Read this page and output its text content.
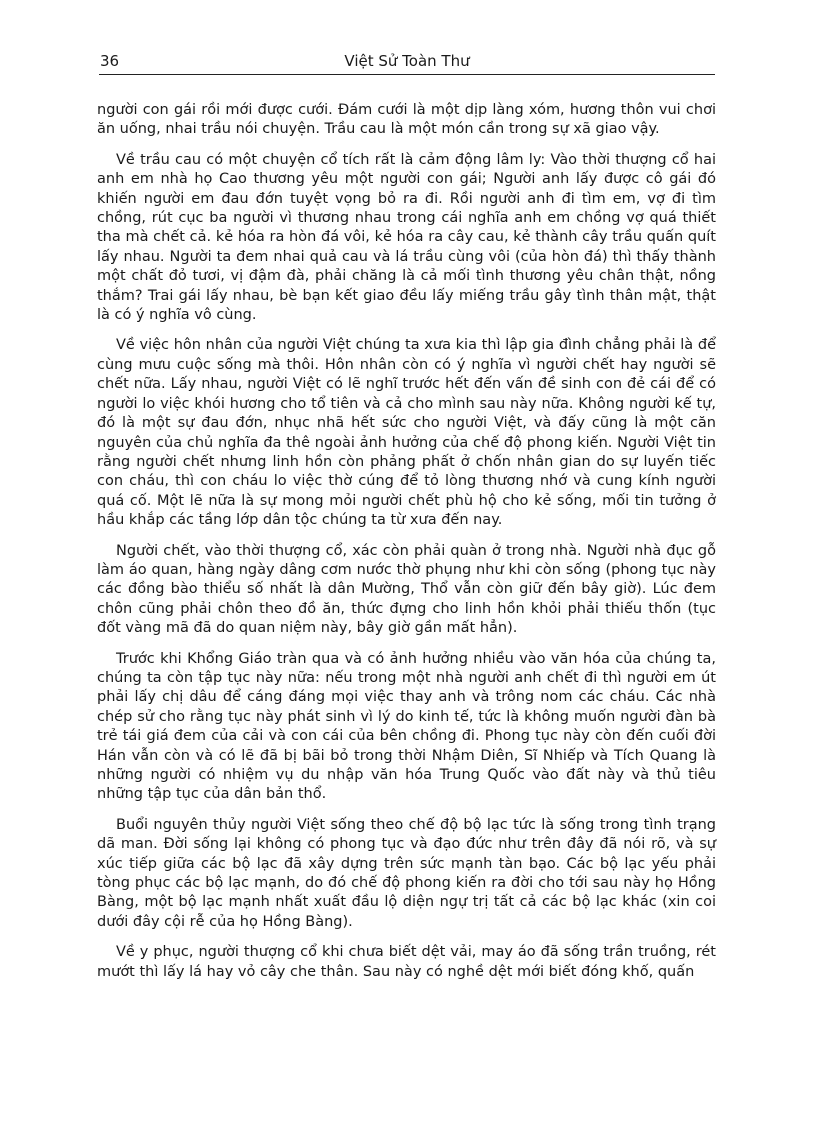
36	Việt Sử Toàn Thư

người con gái rồi mới được cưới. Đám cưới là một dịp làng xóm, hương thôn vui chơi ăn uống, nhai trầu nói chuyện. Trầu cau là một món cần trong sự xã giao vậy.

Về trầu cau có một chuyện cổ tích rất là cảm động lâm ly: Vào thời thượng cổ hai anh em nhà họ Cao thương yêu một người con gái; Người anh lấy được cô gái đó khiến người em đau đớn tuyệt vọng bỏ ra đi. Rồi người anh đi tìm em, vợ đi tìm chồng, rút cục ba người vì thương nhau trong cái nghĩa anh em chồng vợ quá thiết tha mà chết cả. kẻ hóa ra hòn đá vôi, kẻ hóa ra cây cau, kẻ thành cây trầu quấn quít lấy nhau. Người ta đem nhai quả cau và lá trầu cùng vôi (của hòn đá) thì thấy thành một chất đỏ tươi, vị đậm đà, phải chăng là cả mối tình thương yêu chân thật, nồng thắm? Trai gái lấy nhau, bè bạn kết giao đều lấy miếng trầu gây tình thân mật, thật là có ý nghĩa vô cùng.

Về việc hôn nhân của người Việt chúng ta xưa kia thì lập gia đình chẳng phải là để cùng mưu cuộc sống mà thôi. Hôn nhân còn có ý nghĩa vì người chết hay người sẽ chết nữa. Lấy nhau, người Việt có lẽ nghĩ trước hết đến vấn đề sinh con đẻ cái để có người lo việc khói hương cho tổ tiên và cả cho mình sau này nữa. Không người kế tự, đó là một sự đau đớn, nhục nhã hết sức cho người Việt, và đấy cũng là một căn nguyên của chủ nghĩa đa thê ngoài ảnh hưởng của chế độ phong kiến. Người Việt tin rằng người chết nhưng linh hồn còn phảng phất ở chốn nhân gian do sự luyến tiếc con cháu, thì con cháu lo việc thờ cúng để tỏ lòng thương nhớ và cung kính người quá cố. Một lẽ nữa là sự mong mỏi người chết phù hộ cho kẻ sống, mối tin tưởng ở hầu khắp các tầng lớp dân tộc chúng ta từ xưa đến nay.

Người chết, vào thời thượng cổ, xác còn phải quàn ở trong nhà. Người nhà đục gỗ làm áo quan, hàng ngày dâng cơm nước thờ phụng như khi còn sống (phong tục này các đồng bào thiểu số nhất là dân Mường, Thổ vẫn còn giữ đến bây giờ). Lúc đem chôn cũng phải chôn theo đồ ăn, thức đựng cho linh hồn khỏi phải thiếu thốn (tục đốt vàng mã đã do quan niệm này, bây giờ gần mất hẳn).

Trước khi Khổng Giáo tràn qua và có ảnh hưởng nhiều vào văn hóa của chúng ta, chúng ta còn tập tục này nữa: nếu trong một nhà người anh chết đi thì người em út phải lấy chị dâu để cáng đáng mọi việc thay anh và trông nom các cháu. Các nhà chép sử cho rằng tục này phát sinh vì lý do kinh tế, tức là không muốn người đàn bà trẻ tái giá đem của cải và con cái của bên chồng đi. Phong tục này còn đến cuối đời Hán vẫn còn và có lẽ đã bị bãi bỏ trong thời Nhậm Diên, Sĩ Nhiếp và Tích Quang là những người có nhiệm vụ du nhập văn hóa Trung Quốc vào đất này và thủ tiêu những tập tục của dân bản thổ.

Buổi nguyên thủy người Việt sống theo chế độ bộ lạc tức là sống trong tình trạng dã man. Đời sống lại không có phong tục và đạo đức như trên đây đã nói rõ, và sự xúc tiếp giữa các bộ lạc đã xây dựng trên sức mạnh tàn bạo. Các bộ lạc yếu phải tòng phục các bộ lạc mạnh, do đó chế độ phong kiến ra đời cho tới sau này họ Hồng Bàng, một bộ lạc mạnh nhất xuất đầu lộ diện ngự trị tất cả các bộ lạc khác (xin coi dưới đây cội rễ của họ Hồng Bàng).

Về y phục, người thượng cổ khi chưa biết dệt vải, may áo đã sống trần truồng, rét mướt thì lấy lá hay vỏ cây che thân. Sau này có nghề dệt mới biết đóng khố, quấn
